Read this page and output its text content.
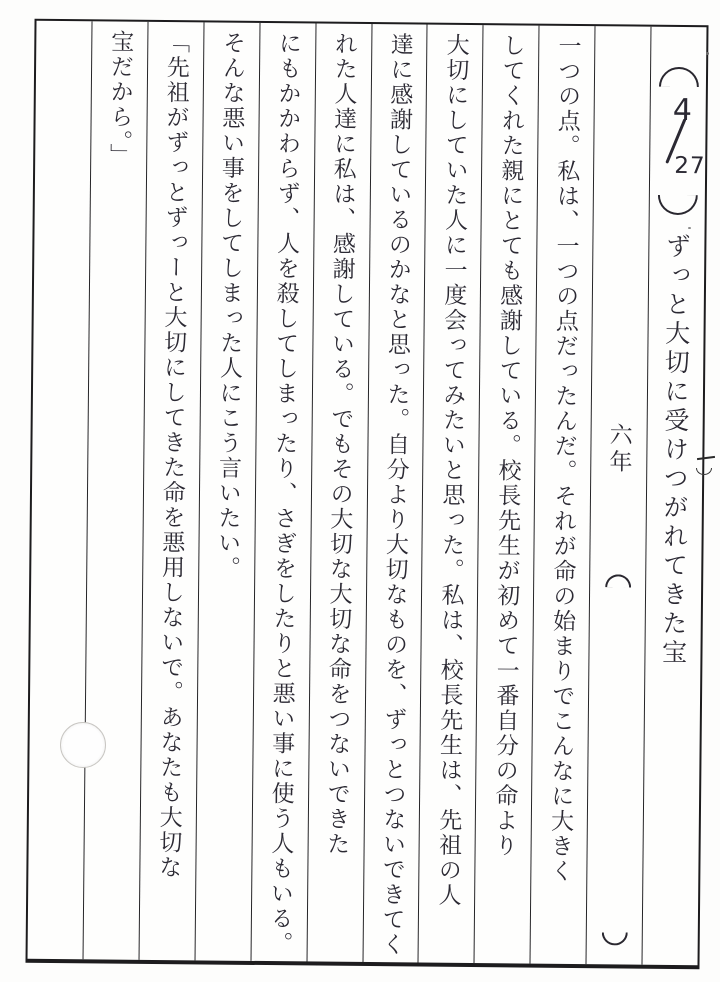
宝だから。」 「先祖がずっとずっーと大切にしてきた命を悪用しないで。あなたも大切な そんな悪い事をしてしまった人にこう言いたい。 にもかかわらず、人を殺してしまったり、さぎをしたりと悪い事に使う人もいる。 れた人達に私は、感謝している。でもその大切な大切な命をつないできた 達に感謝しているのかなと思った。自分より大切なものを、ずっとつないできてく 大切にしていた人に一度会ってみたいと思った。私は、校長先生は、先祖の人 してくれた親にとても感謝している。校長先生が初めて一番自分の命より 一つの点。私は、一つの点だったんだ。それが命の始まりでこんなに大きく 六年
4
27
ずっと大切に受けつがれてきた宝
